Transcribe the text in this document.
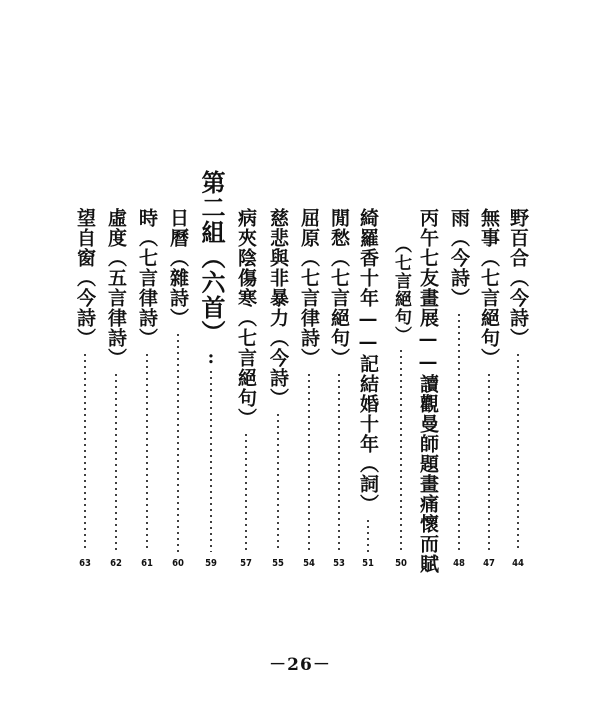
野百合（今詩）
44
無事（七言絕句）
47
雨（今詩）
48
丙午七友畫展——讀觀曼師題畫痛懷而賦
（七言絕句）
50
綺羅香十年——記結婚十年（詞）
51
閒愁（七言絕句）
53
屈原（七言律詩）
54
慈悲與非暴力（今詩）
55
病夾陰傷寒（七言絕句）
57
第二組（六首）
:
59
日曆（雜詩）
60
時（七言律詩）
61
虛度（五言律詩）
62
望自窗（今詩）
63
－26－
